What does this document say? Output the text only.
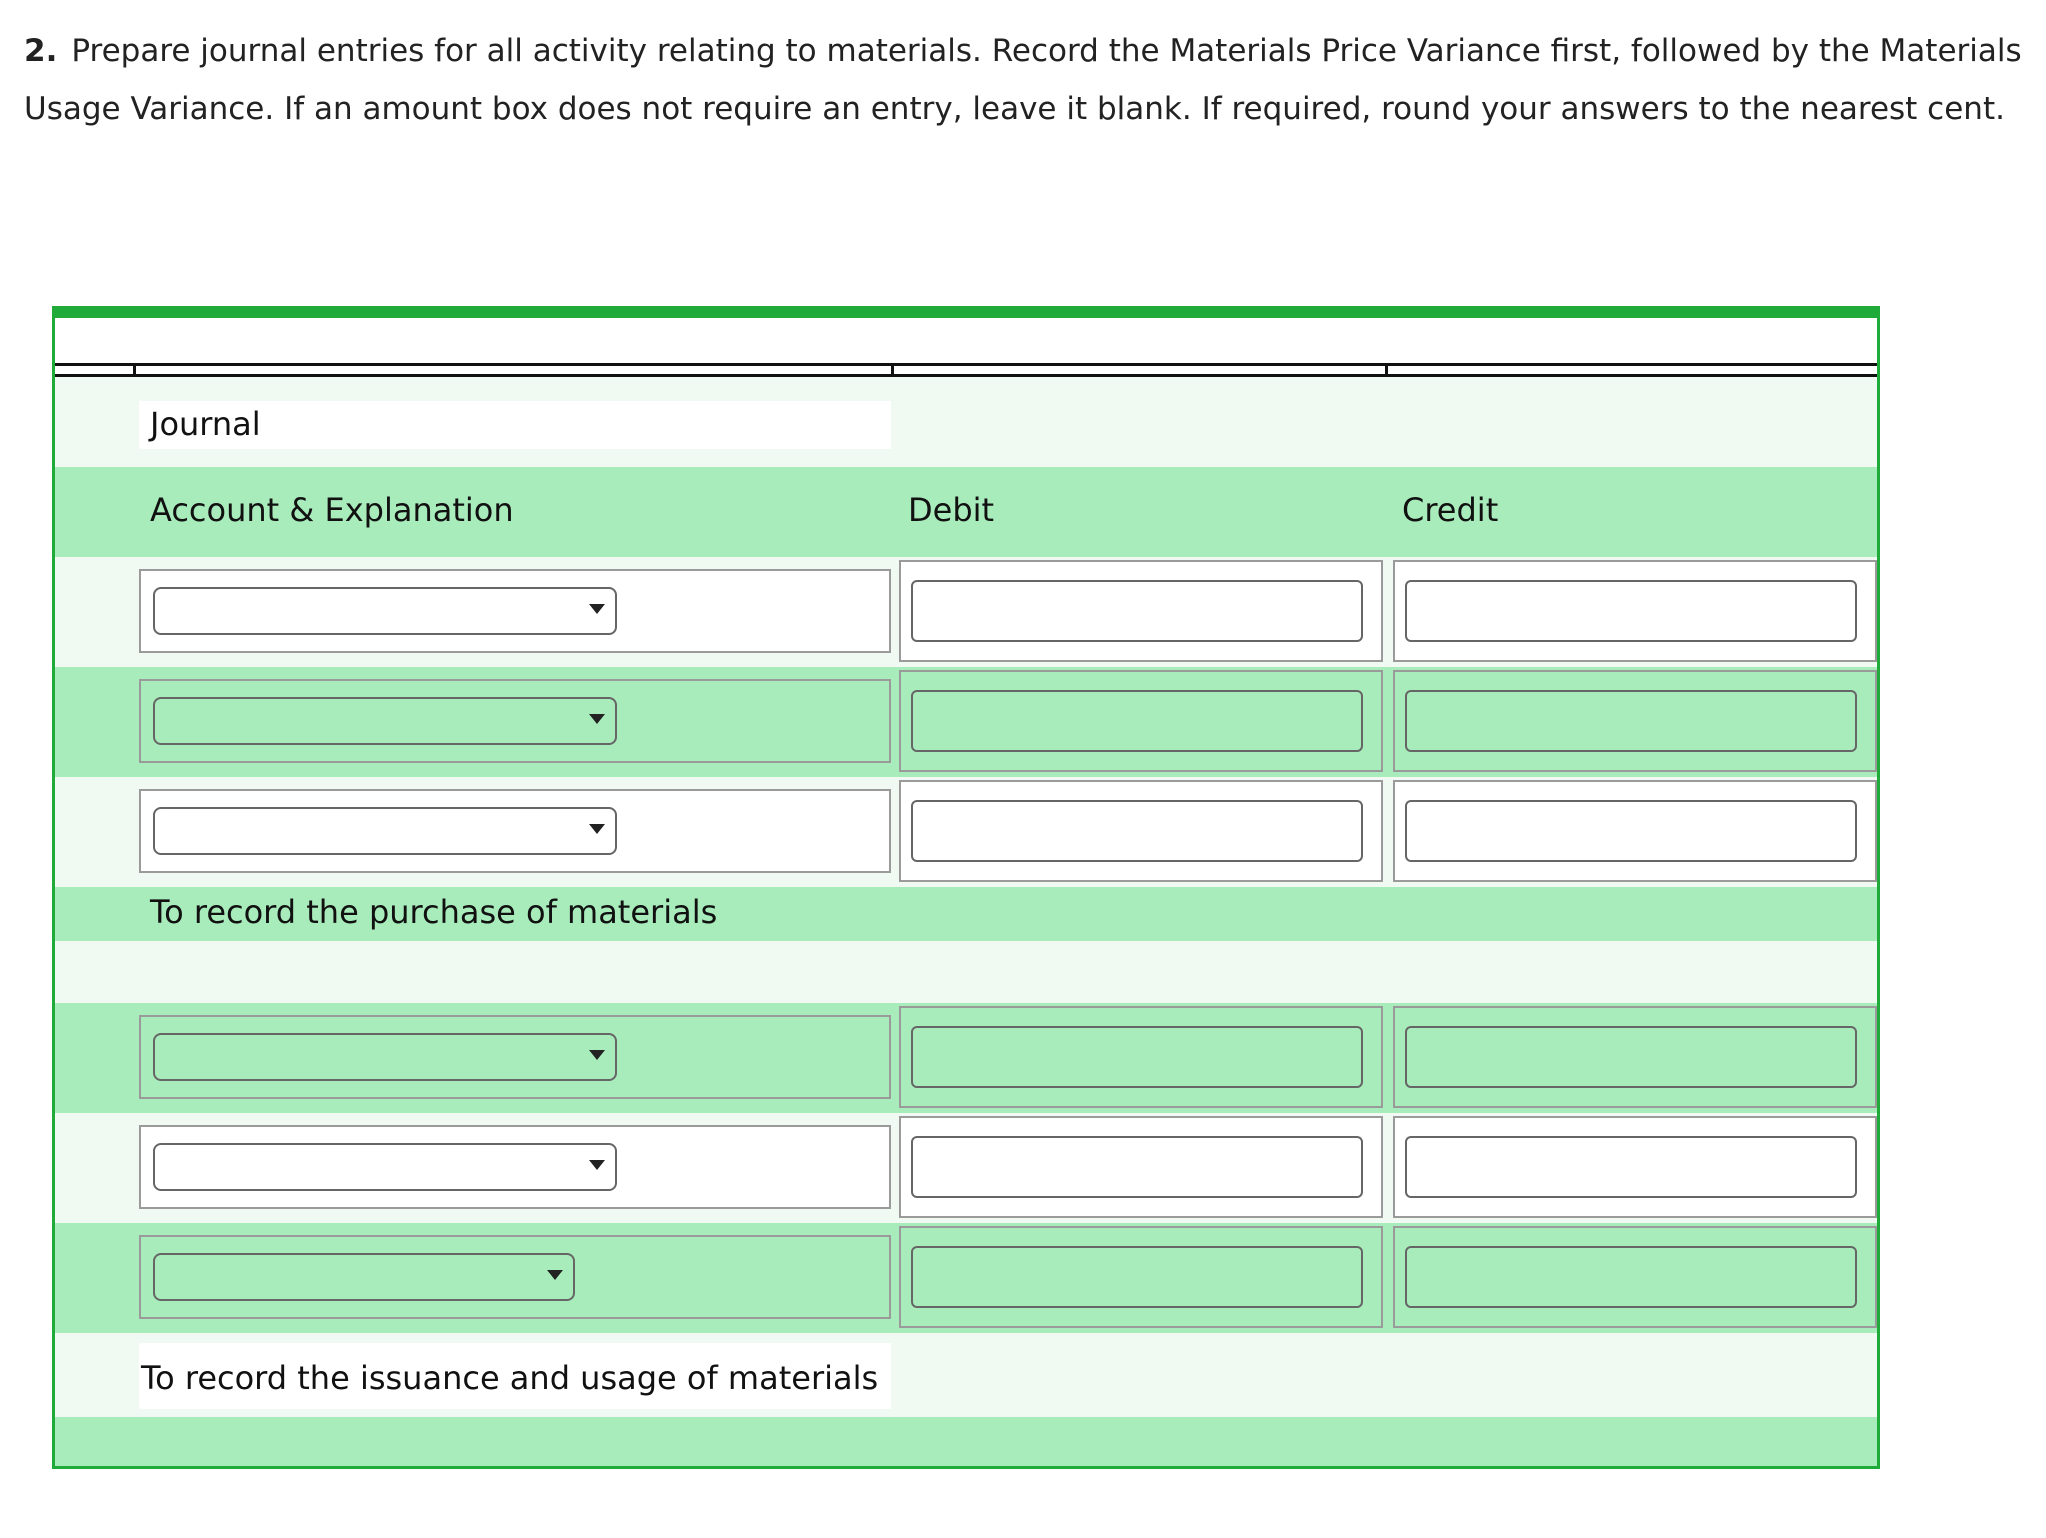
2. Prepare journal entries for all activity relating to materials. Record the Materials Price Variance first, followed by the Materials Usage Variance. If an amount box does not require an entry, leave it blank. If required, round your answers to the nearest cent.
Journal
Account & Explanation	Debit	Credit
To record the purchase of materials
To record the issuance and usage of materials
